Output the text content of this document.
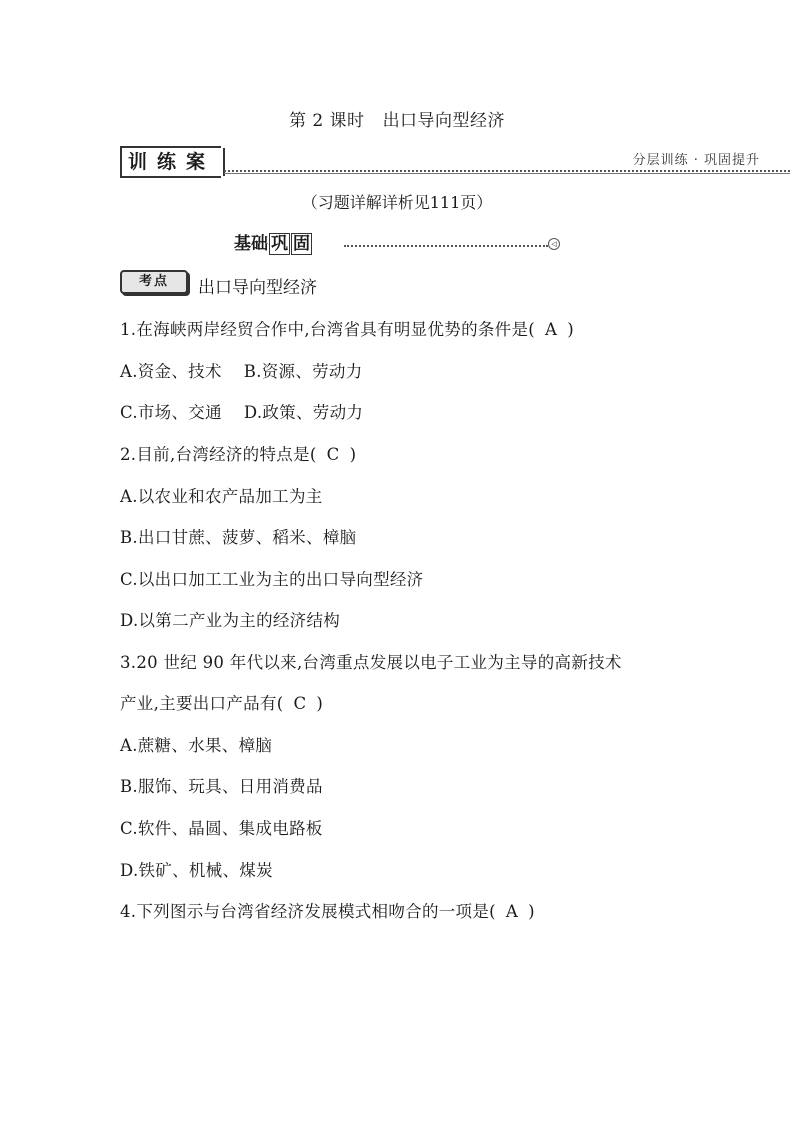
第 2 课时 出口导向型经济
训练案	分层训练 · 巩固提升
（习题详解详析见111页）
基础 巩 固	◁
考点	出口导向型经济
1.在海峡两岸经贸合作中,台湾省具有明显优势的条件是( A )
A.资金、技术 B.资源、劳动力
C.市场、交通 D.政策、劳动力
2.目前,台湾经济的特点是( C )
A.以农业和农产品加工为主
B.出口甘蔗、菠萝、稻米、樟脑
C.以出口加工工业为主的出口导向型经济
D.以第二产业为主的经济结构
3.20 世纪 90 年代以来,台湾重点发展以电子工业为主导的高新技术
产业,主要出口产品有( C )
A.蔗糖、水果、樟脑
B.服饰、玩具、日用消费品
C.软件、晶圆、集成电路板
D.铁矿、机械、煤炭
4.下列图示与台湾省经济发展模式相吻合的一项是( A )
